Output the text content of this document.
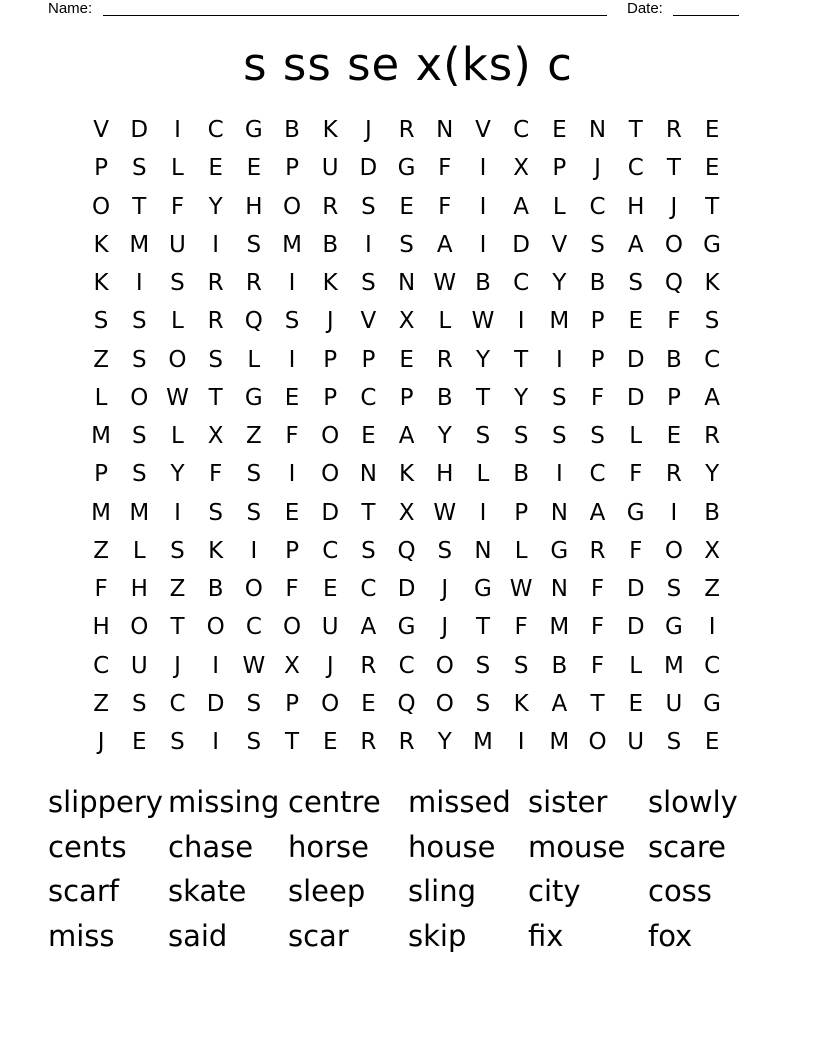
Name:	Date:
s ss se x(ks) c
V D	I	C G B K	J	R N V C E N T	R E
P	S	L	E	E	P U D G F	I	X	P	J	C	T	E
O T	F	Y H O R S	E	F	I	A	L	C H	J	T
K M U	I	S M B	I	S	A	I	D V	S	A O G
K	I	S R R	I	K	S N W B C	Y	B S Q K
S	S	L	R Q S	J	V X	L W	I	M P	E	F	S
Z	S O S	L	I	P	P	E R	Y	T	I	P D B C
L O W T G E	P	C	P	B	T	Y	S	F D P	A
M S	L	X Z	F O E	A	Y	S	S	S	S	L	E R
P	S	Y	F	S	I	O N K H	L	B	I	C	F	R	Y
M M	I	S	S	E D T	X W	I	P N A G	I	B
Z	L	S	K	I	P	C S Q S N	L G R	F O X
F H Z B O F	E C D	J	G W N F D S	Z
H O T O C O U A G	J	T	F M F D G	I
C U	J	I	W X	J	R C O S	S	B	F	L M C
Z	S C D S	P O E Q O S	K A	T	E U G
J	E	S	I	S	T	E R R	Y M	I	M O U S	E
slippery missing centre missed sister	slowly
cents	chase	horse	house	mouse scare
scarf	skate	sleep	sling	city	coss
miss	said	scar	skip	fix	fox
